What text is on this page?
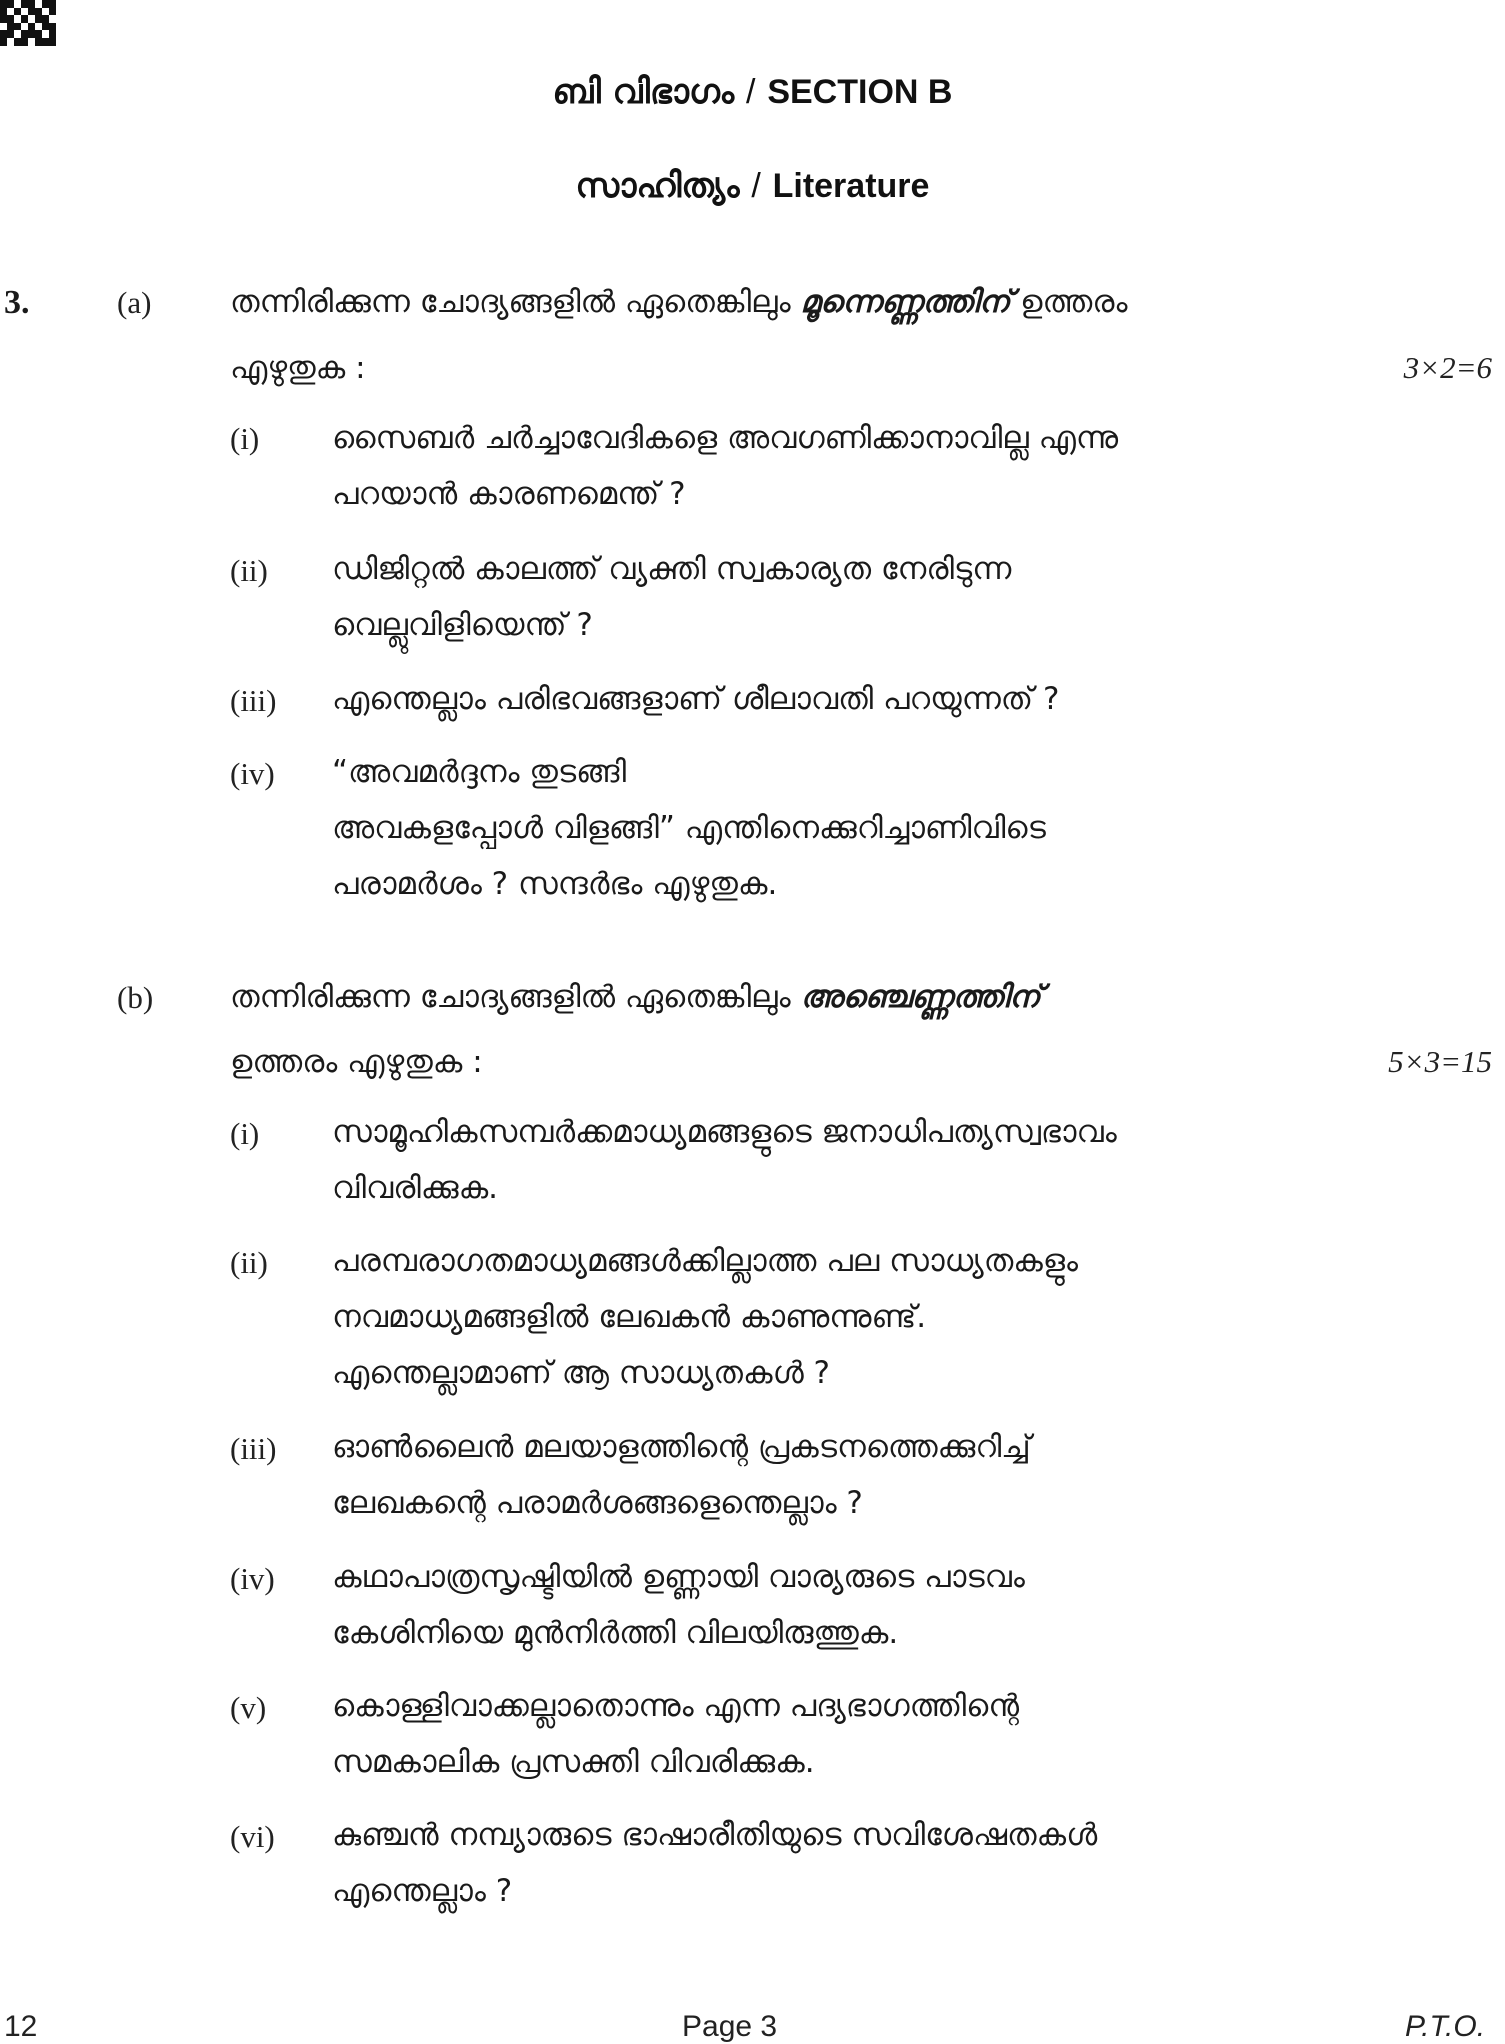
ബി വിഭാഗം / SECTION B
സാഹിത്യം / Literature
3.	(a)	തന്നിരിക്കുന്ന ചോദ്യങ്ങളിൽ ഏതെങ്കിലും മൂന്നെണ്ണത്തിന് ഉത്തരം
എഴുതുക :	3×2=6
(i) സൈബർ ചർച്ചാവേദികളെ അവഗണിക്കാനാവില്ല എന്നു
പറയാൻ കാരണമെന്ത് ?
(ii) ഡിജിറ്റൽ കാലത്ത് വ്യക്തി സ്വകാര്യത നേരിടുന്ന
വെല്ലുവിളിയെന്ത് ?
(iii) എന്തെല്ലാം പരിഭവങ്ങളാണ് ശീലാവതി പറയുന്നത് ?
(iv) “അവമർദ്ദനം തുടങ്ങി
അവകളപ്പോൾ വിളങ്ങി” എന്തിനെക്കുറിച്ചാണിവിടെ
പരാമർശം ? സന്ദർഭം എഴുതുക.
(b) തന്നിരിക്കുന്ന ചോദ്യങ്ങളിൽ ഏതെങ്കിലും അഞ്ചെണ്ണത്തിന്
ഉത്തരം എഴുതുക :	5×3=15
(i) സാമൂഹികസമ്പർക്കമാധ്യമങ്ങളുടെ ജനാധിപത്യസ്വഭാവം
വിവരിക്കുക.
(ii) പരമ്പരാഗതമാധ്യമങ്ങൾക്കില്ലാത്ത പല സാധ്യതകളും
നവമാധ്യമങ്ങളിൽ ലേഖകൻ കാണുന്നുണ്ട്.
എന്തെല്ലാമാണ് ആ സാധ്യതകൾ ?
(iii) ഓൺലൈൻ മലയാളത്തിന്റെ പ്രകടനത്തെക്കുറിച്ച്
ലേഖകന്റെ പരാമർശങ്ങളെന്തെല്ലാം ?
(iv) കഥാപാത്രസൃഷ്ടിയിൽ ഉണ്ണായി വാര്യരുടെ പാടവം
കേശിനിയെ മുൻനിർത്തി വിലയിരുത്തുക.
(v) കൊള്ളിവാക്കല്ലാതൊന്നും എന്ന പദ്യഭാഗത്തിന്റെ
സമകാലിക പ്രസക്തി വിവരിക്കുക.
(vi) കുഞ്ചൻ നമ്പ്യാരുടെ ഭാഷാരീതിയുടെ സവിശേഷതകൾ
എന്തെല്ലാം ?
12	Page 3	P.T.O.
